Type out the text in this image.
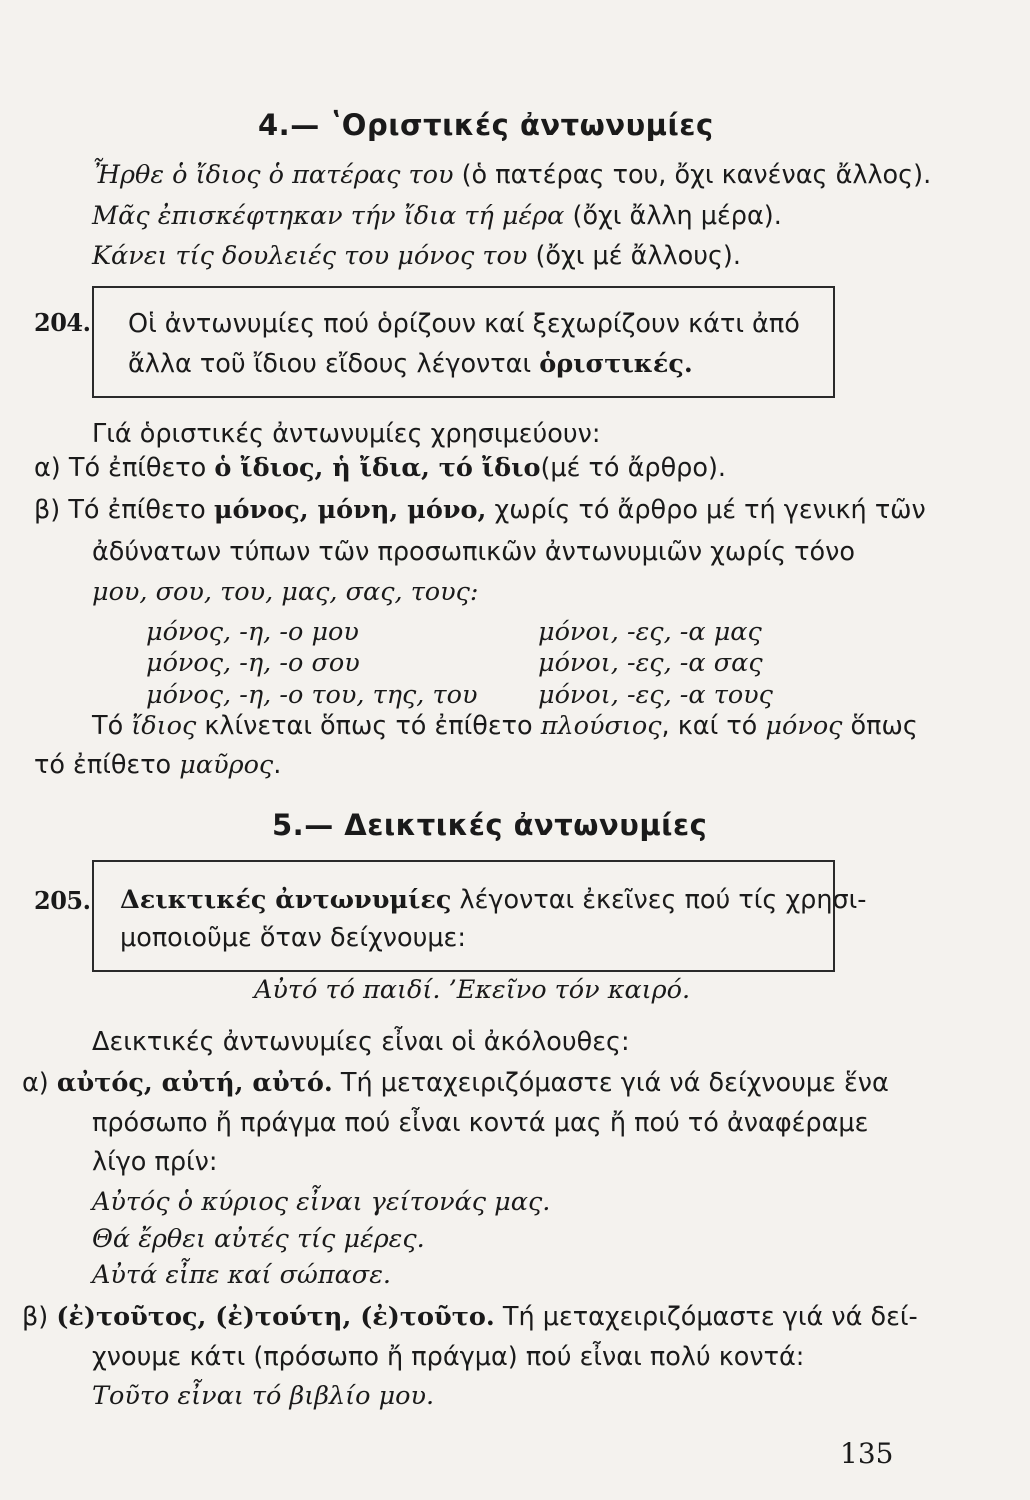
4.— ʽΟριστικές ἀντωνυμίες
Ἦρθε ὁ ἴδιος ὁ πατέρας του (ὁ πατέρας του, ὄχι κανένας ἄλλος).
Μᾶς ἐπισκέφτηκαν τήν ἴδια τή μέρα (ὄχι ἄλλη μέρα).
Κάνει τίς δουλειές του μόνος του (ὄχι μέ ἄλλους).
204. Οἱ ἀντωνυμίες πού ὁρίζουν καί ξεχωρίζουν κάτι ἀπό
ἄλλα τοῦ ἴδιου εἴδους λέγονται ὁριστικές.
Γιά ὁριστικές ἀντωνυμίες χρησιμεύουν:
α) Τό ἐπίθετο ὁ ἴδιος, ἡ ἴδια, τό ἴδιο(μέ τό ἄρθρο).
β) Τό ἐπίθετο μόνος, μόνη, μόνο, χωρίς τό ἄρθρο μέ τή γενική τῶν
ἀδύνατων τύπων τῶν προσωπικῶν ἀντωνυμιῶν χωρίς τόνο
μου, σου, του, μας, σας, τους:
μόνος, -η, -ο μου	μόνοι, -ες, -α μας
μόνος, -η, -ο σου	μόνοι, -ες, -α σας
μόνος, -η, -ο του, της, του μόνοι, -ες, -α τους
Τό ἴδιος κλίνεται ὅπως τό ἐπίθετο πλούσιος, καί τό μόνος ὅπως
τό ἐπίθετο μαῦρος.
5.— Δεικτικές ἀντωνυμίες
205. Δεικτικές ἀντωνυμίες λέγονται ἐκεῖνες πού τίς χρησι-
μοποιοῦμε ὅταν δείχνουμε:
Αὐτό τό παιδί. ’Εκεῖνο τόν καιρό.
Δεικτικές ἀντωνυμίες εἶναι οἱ ἀκόλουθες:
α) αὐτός, αὐτή, αὐτό. Τή μεταχειριζόμαστε γιά νά δείχνουμε ἕνα
πρόσωπο ἤ πράγμα πού εἶναι κοντά μας ἤ πού τό ἀναφέραμε
λίγο πρίν:
Αὐτός ὁ κύριος εἶναι γείτονάς μας.
Θά ἔρθει αὐτές τίς μέρες.
Αὐτά εἶπε καί σώπασε.
β) (ἐ)τοῦτος, (ἐ)τούτη, (ἐ)τοῦτο. Τή μεταχειριζόμαστε γιά νά δεί-
χνουμε κάτι (πρόσωπο ἤ πράγμα) πού εἶναι πολύ κοντά:
Τοῦτο εἶναι τό βιβλίο μου.
135
